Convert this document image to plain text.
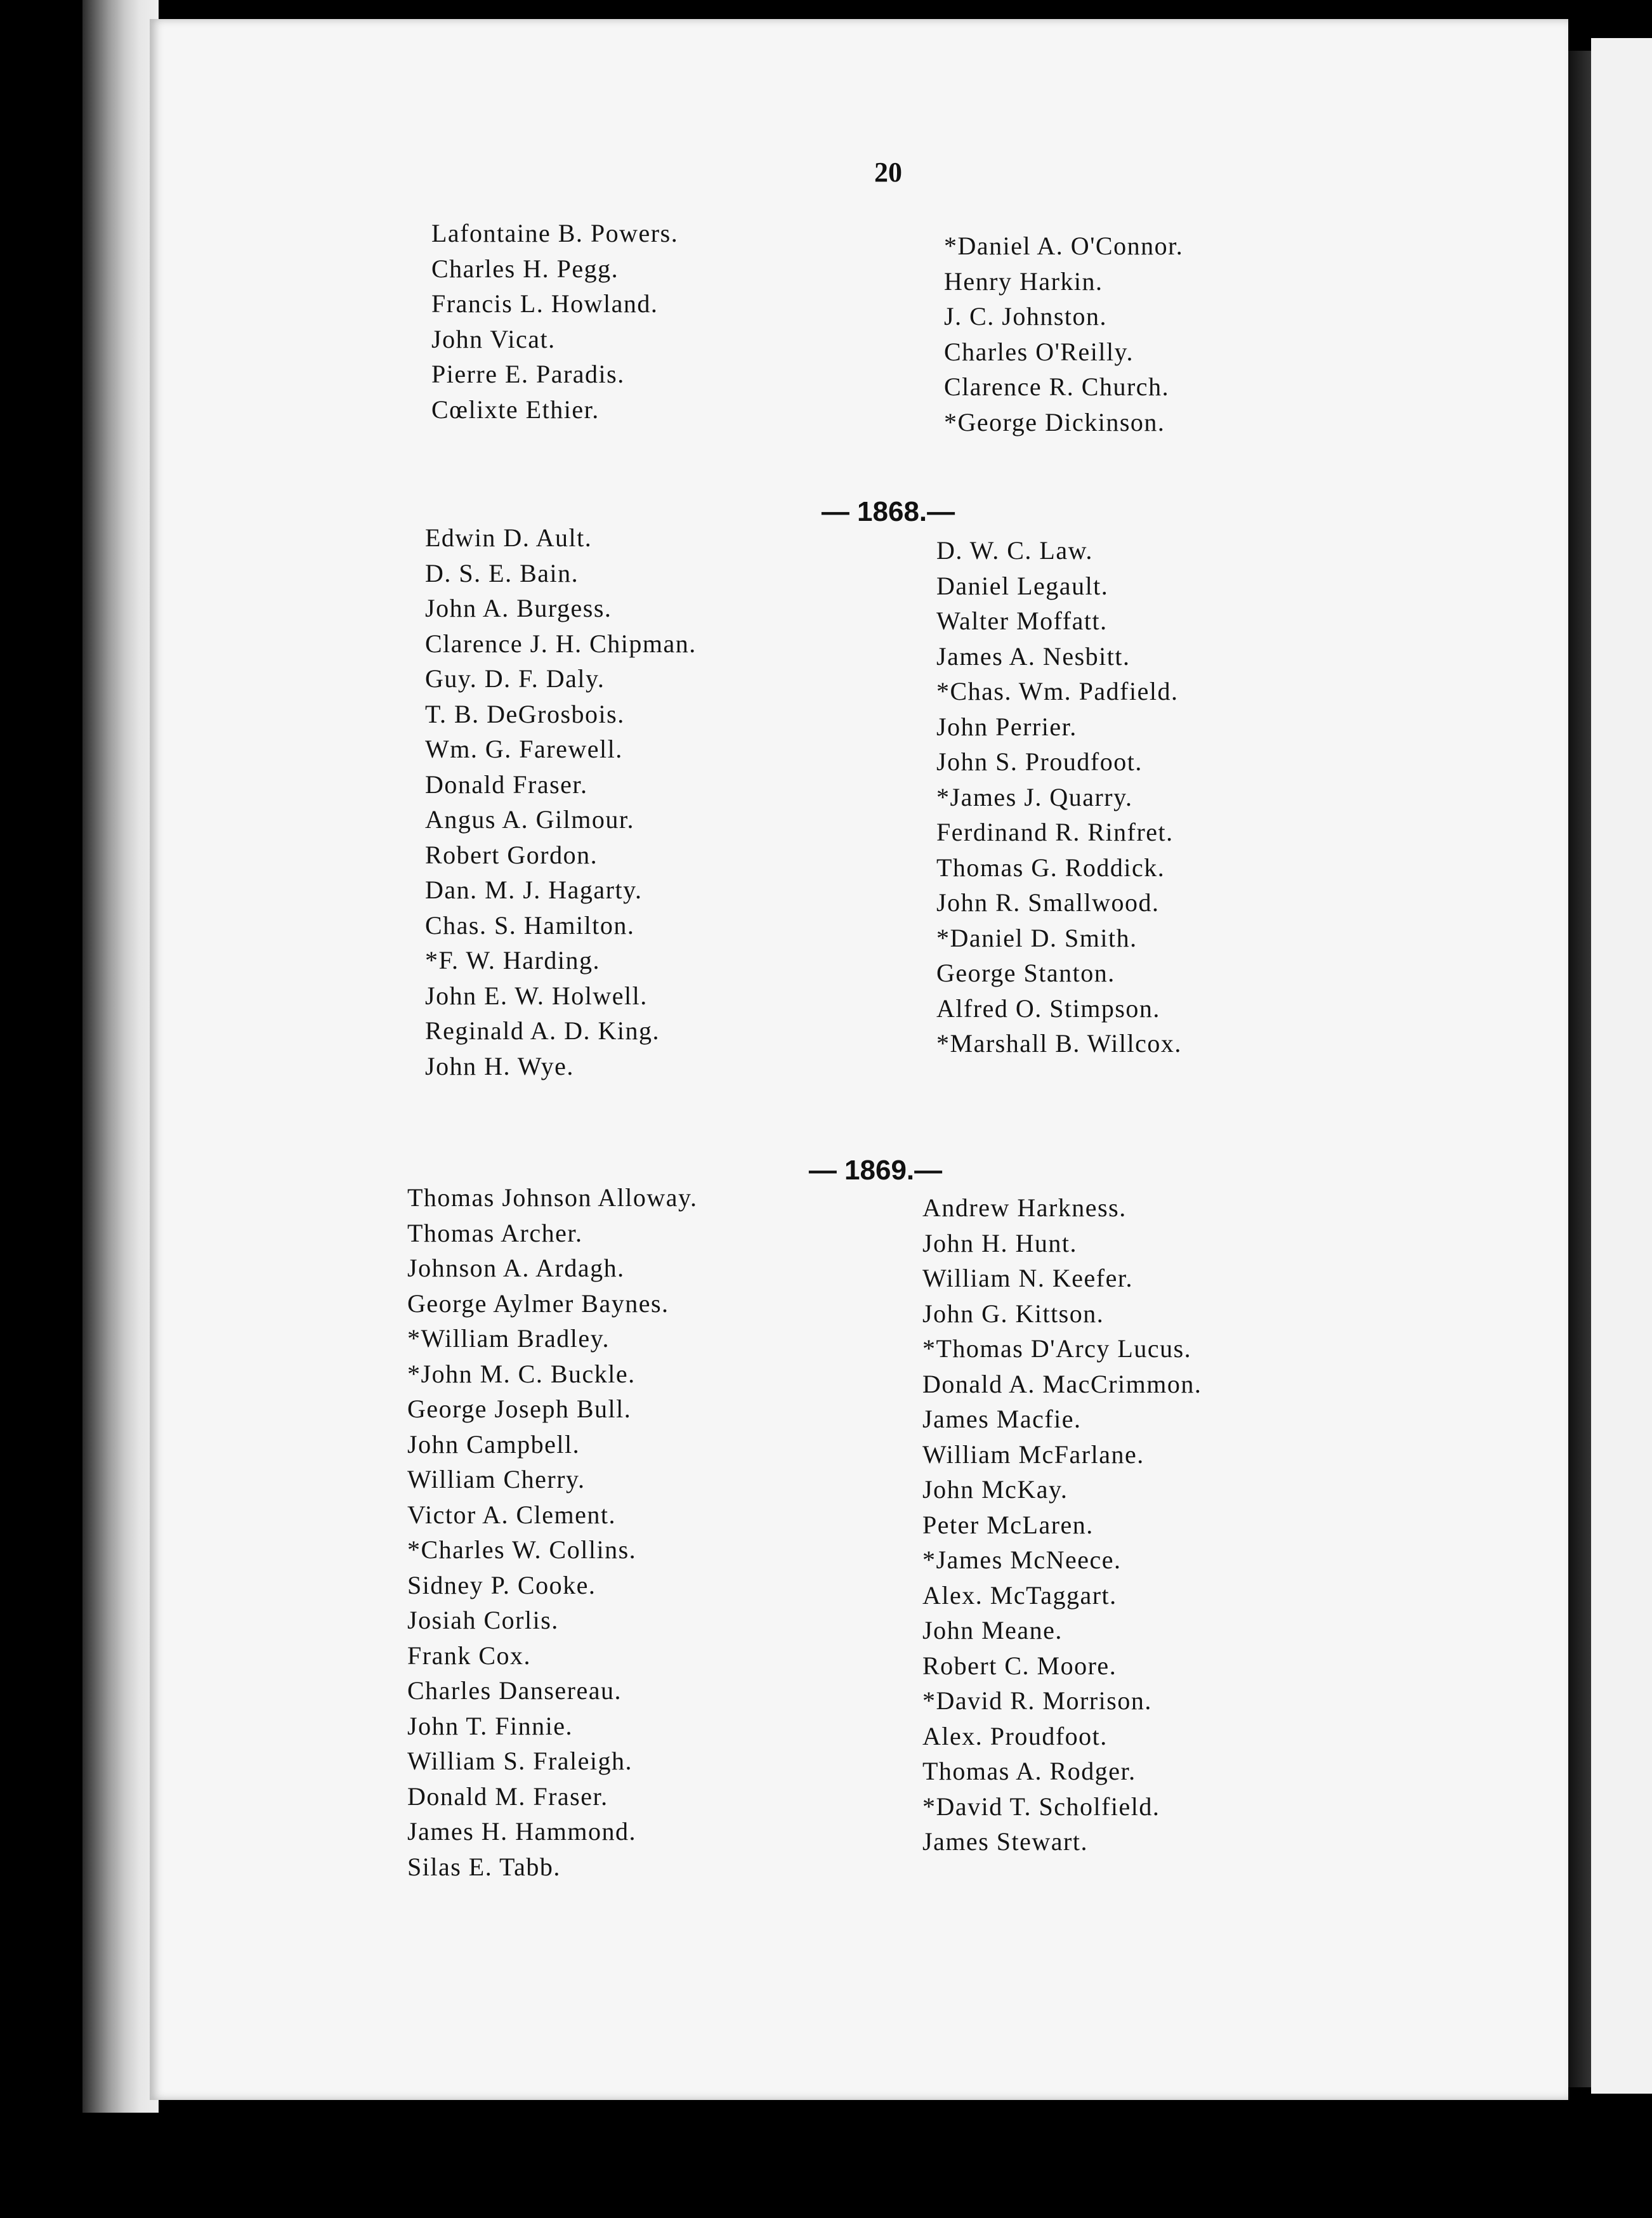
20
Lafontaine B. Powers.
Charles H. Pegg.
Francis L. Howland.
John Vicat.
Pierre E. Paradis.
Cœlixte Ethier.
*Daniel A. O'Connor.
Henry Harkin.
J. C. Johnston.
Charles O'Reilly.
Clarence R. Church.
*George Dickinson.
— 1868.—
Edwin D. Ault.
D. S. E. Bain.
John A. Burgess.
Clarence J. H. Chipman.
Guy. D. F. Daly.
T. B. DeGrosbois.
Wm. G. Farewell.
Donald Fraser.
Angus A. Gilmour.
Robert Gordon.
Dan. M. J. Hagarty.
Chas. S. Hamilton.
*F. W. Harding.
John E. W. Holwell.
Reginald A. D. King.
John H. Wye.
D. W. C. Law.
Daniel Legault.
Walter Moffatt.
James A. Nesbitt.
*Chas. Wm. Padfield.
John Perrier.
John S. Proudfoot.
*James J. Quarry.
Ferdinand R. Rinfret.
Thomas G. Roddick.
John R. Smallwood.
*Daniel D. Smith.
George Stanton.
Alfred O. Stimpson.
*Marshall B. Willcox.
— 1869.—
Thomas Johnson Alloway.
Thomas Archer.
Johnson A. Ardagh.
George Aylmer Baynes.
*William Bradley.
*John M. C. Buckle.
George Joseph Bull.
John Campbell.
William Cherry.
Victor A. Clement.
*Charles W. Collins.
Sidney P. Cooke.
Josiah Corlis.
Frank Cox.
Charles Dansereau.
John T. Finnie.
William S. Fraleigh.
Donald M. Fraser.
James H. Hammond.
Silas E. Tabb.
Andrew Harkness.
John H. Hunt.
William N. Keefer.
John G. Kittson.
*Thomas D'Arcy Lucus.
Donald A. MacCrimmon.
James Macfie.
William McFarlane.
John McKay.
Peter McLaren.
*James McNeece.
Alex. McTaggart.
John Meane.
Robert C. Moore.
*David R. Morrison.
Alex. Proudfoot.
Thomas A. Rodger.
*David T. Scholfield.
James Stewart.
